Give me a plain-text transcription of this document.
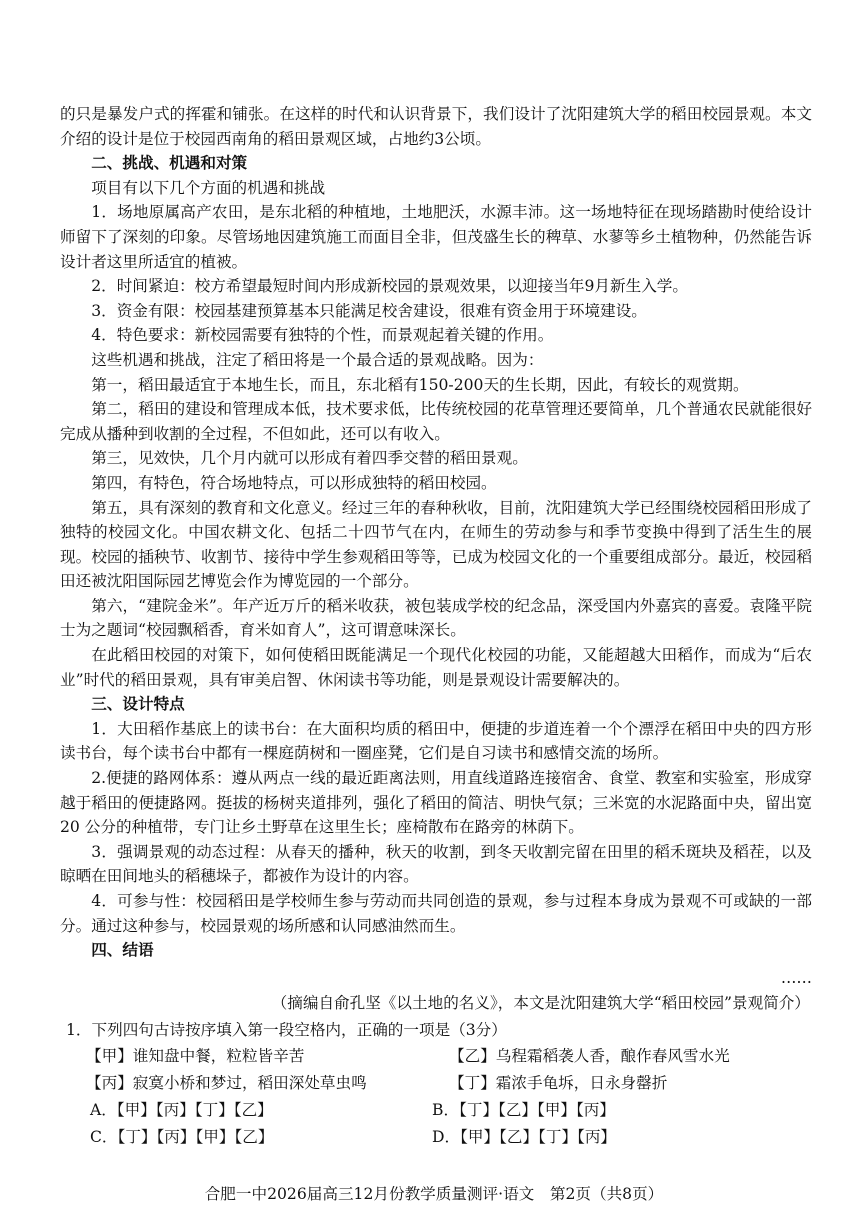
的只是暴发户式的挥霍和铺张。在这样的时代和认识背景下，我们设计了沈阳建筑大学的稻田校园景观。本文介绍的设计是位于校园西南角的稻田景观区域，占地约3公顷。

二、挑战、机遇和对策

项目有以下几个方面的机遇和挑战

1．场地原属高产农田，是东北稻的种植地，土地肥沃，水源丰沛。这一场地特征在现场踏勘时使给设计师留下了深刻的印象。尽管场地因建筑施工而面目全非，但茂盛生长的稗草、水蓼等乡土植物种，仍然能告诉设计者这里所适宜的植被。

2．时间紧迫：校方希望最短时间内形成新校园的景观效果，以迎接当年9月新生入学。

3．资金有限：校园基建预算基本只能满足校舍建设，很难有资金用于环境建设。

4．特色要求：新校园需要有独特的个性，而景观起着关键的作用。

这些机遇和挑战，注定了稻田将是一个最合适的景观战略。因为：

第一，稻田最适宜于本地生长，而且，东北稻有150-200天的生长期，因此，有较长的观赏期。

第二，稻田的建设和管理成本低，技术要求低，比传统校园的花草管理还要简单，几个普通农民就能很好完成从播种到收割的全过程，不但如此，还可以有收入。

第三，见效快，几个月内就可以形成有着四季交替的稻田景观。

第四，有特色，符合场地特点，可以形成独特的稻田校园。

第五，具有深刻的教育和文化意义。经过三年的春种秋收，目前，沈阳建筑大学已经围绕校园稻田形成了独特的校园文化。中国农耕文化、包括二十四节气在内，在师生的劳动参与和季节变换中得到了活生生的展现。校园的插秧节、收割节、接待中学生参观稻田等等，已成为校园文化的一个重要组成部分。最近，校园稻田还被沈阳国际园艺博览会作为博览园的一个部分。

第六，“建院金米”。年产近万斤的稻米收获，被包装成学校的纪念品，深受国内外嘉宾的喜爱。袁隆平院士为之题词“校园飘稻香，育米如育人”，这可谓意味深长。

在此稻田校园的对策下，如何使稻田既能满足一个现代化校园的功能，又能超越大田稻作，而成为“后农业”时代的稻田景观，具有审美启智、休闲读书等功能，则是景观设计需要解决的。

三、设计特点

1．大田稻作基底上的读书台：在大面积均质的稻田中，便捷的步道连着一个个漂浮在稻田中央的四方形读书台，每个读书台中都有一棵庭荫树和一圈座凳，它们是自习读书和感情交流的场所。

2.便捷的路网体系：遵从两点一线的最近距离法则，用直线道路连接宿舍、食堂、教室和实验室，形成穿越于稻田的便捷路网。挺拔的杨树夹道排列，强化了稻田的简洁、明快气氛；三米宽的水泥路面中央，留出宽 20 公分的种植带，专门让乡土野草在这里生长；座椅散布在路旁的林荫下。

3．强调景观的动态过程：从春天的播种，秋天的收割，到冬天收割完留在田里的稻禾斑块及稻茬，以及晾晒在田间地头的稻穗垛子，都被作为设计的内容。

4．可参与性：校园稻田是学校师生参与劳动而共同创造的景观，参与过程本身成为景观不可或缺的一部分。通过这种参与，校园景观的场所感和认同感油然而生。

四、结语
……
（摘编自俞孔坚《以土地的名义》，本文是沈阳建筑大学“稻田校园”景观简介）
1．下列四句古诗按序填入第一段空格内，正确的一项是（3分）
【甲】谁知盘中餐，粒粒皆辛苦	【乙】乌程霜稻袭人香，酿作春风雪水光
【丙】寂寞小桥和梦过，稻田深处草虫鸣	【丁】霜浓手龟坼，日永身罄折
A．【甲】【丙】【丁】【乙】	B．【丁】【乙】【甲】【丙】
C．【丁】【丙】【甲】【乙】	D．【甲】【乙】【丁】【丙】
合肥一中2026届高三12月份教学质量测评·语文　第2页（共8页）
